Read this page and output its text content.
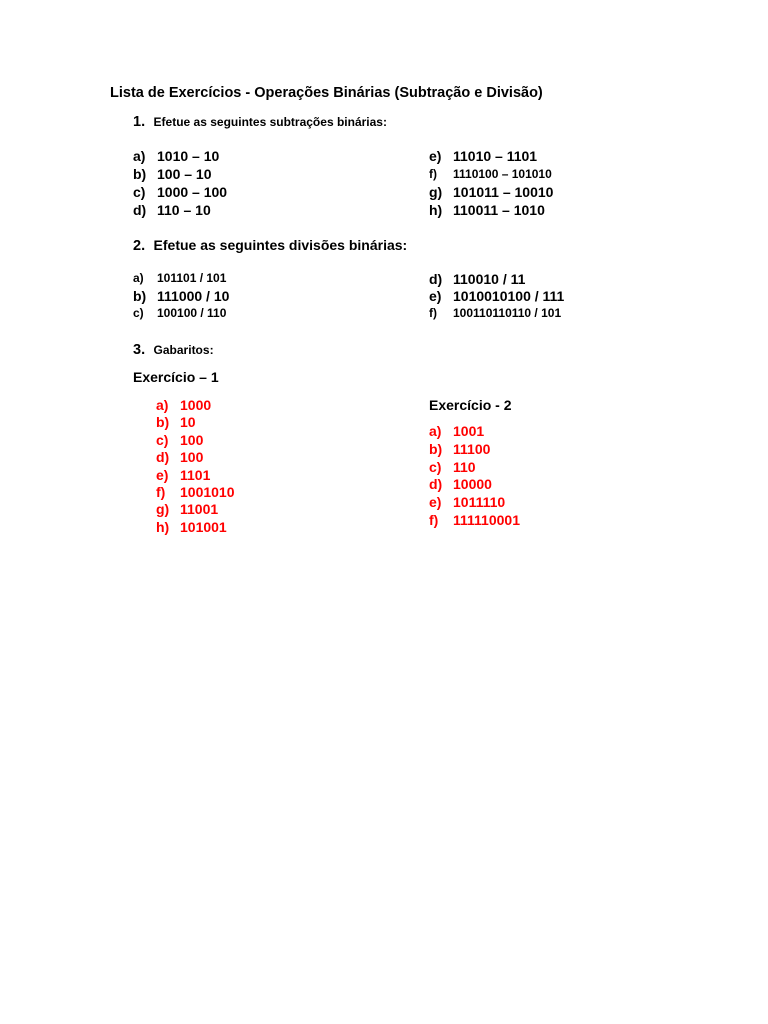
Lista de Exercícios - Operações Binárias (Subtração e Divisão)
1. Efetue as seguintes subtrações binárias:
a) 1010 – 10
b) 100 – 10
c) 1000 – 100
d) 110 – 10
e) 11010 – 1101
f) 1110100 – 101010
g) 101011 – 10010
h) 110011 – 1010
2. Efetue as seguintes divisões binárias:
a) 101101 / 101
b) 111000 / 10
c) 100100 / 110
d) 110010 / 11
e) 1010010100 / 111
f) 100110110110 / 101
3. Gabaritos:
Exercício – 1
a) 1000
b) 10
c) 100
d) 100
e) 1101
f) 1001010
g) 11001
h) 101001
Exercício - 2
a) 1001
b) 11100
c) 110
d) 10000
e) 1011110
f) 111110001
